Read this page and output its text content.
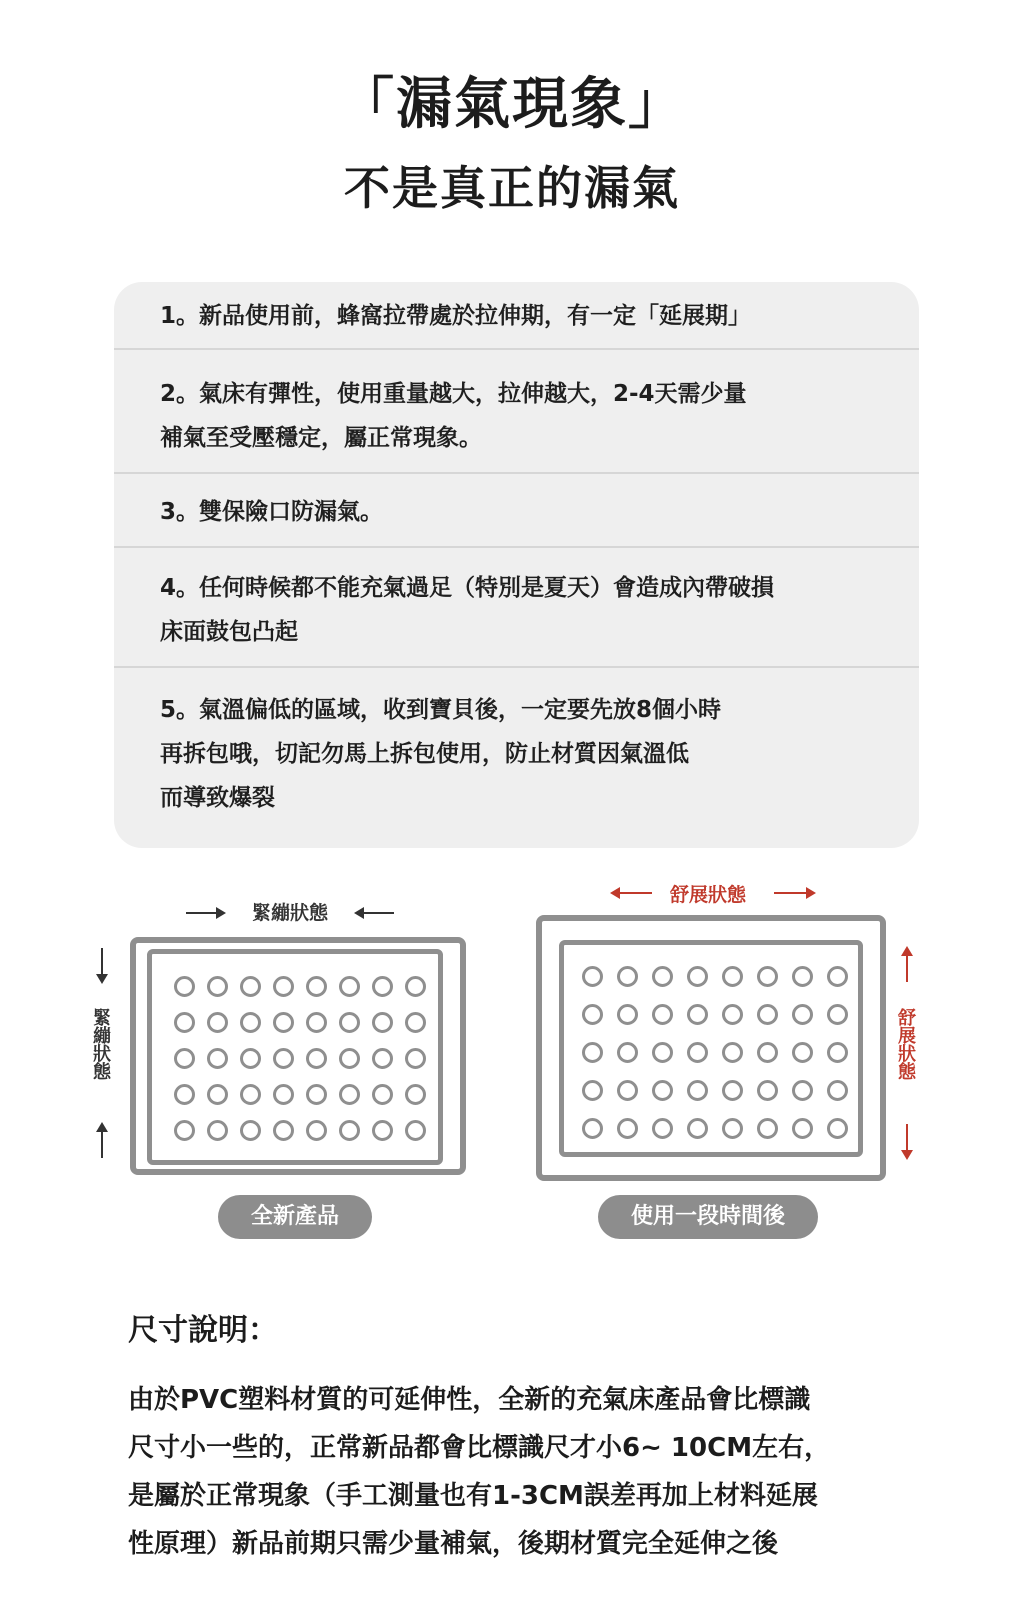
「漏氣現象」
不是真正的漏氣
1。新品使用前，蜂窩拉帶處於拉伸期，有一定「延展期」
2。氣床有彈性，使用重量越大，拉伸越大，2-4天需少量
補氣至受壓穩定，屬正常現象。
3。雙保險口防漏氣。
4。任何時候都不能充氣過足（特別是夏天）會造成內帶破損
床面鼓包凸起
5。氣溫偏低的區域，收到寶貝後，一定要先放8個小時
再拆包哦，切記勿馬上拆包使用，防止材質因氣溫低
而導致爆裂
緊繃狀態
緊繃狀態
全新產品
舒展狀態
舒展狀態
使用一段時間後
尺寸說明：
由於PVC塑料材質的可延伸性，全新的充氣床產品會比標識
尺寸小一些的，正常新品都會比標識尺才小6~ 10CM左右，
是屬於正常現象（手工測量也有1-3CM誤差再加上材料延展
性原理）新品前期只需少量補氣，後期材質完全延伸之後
